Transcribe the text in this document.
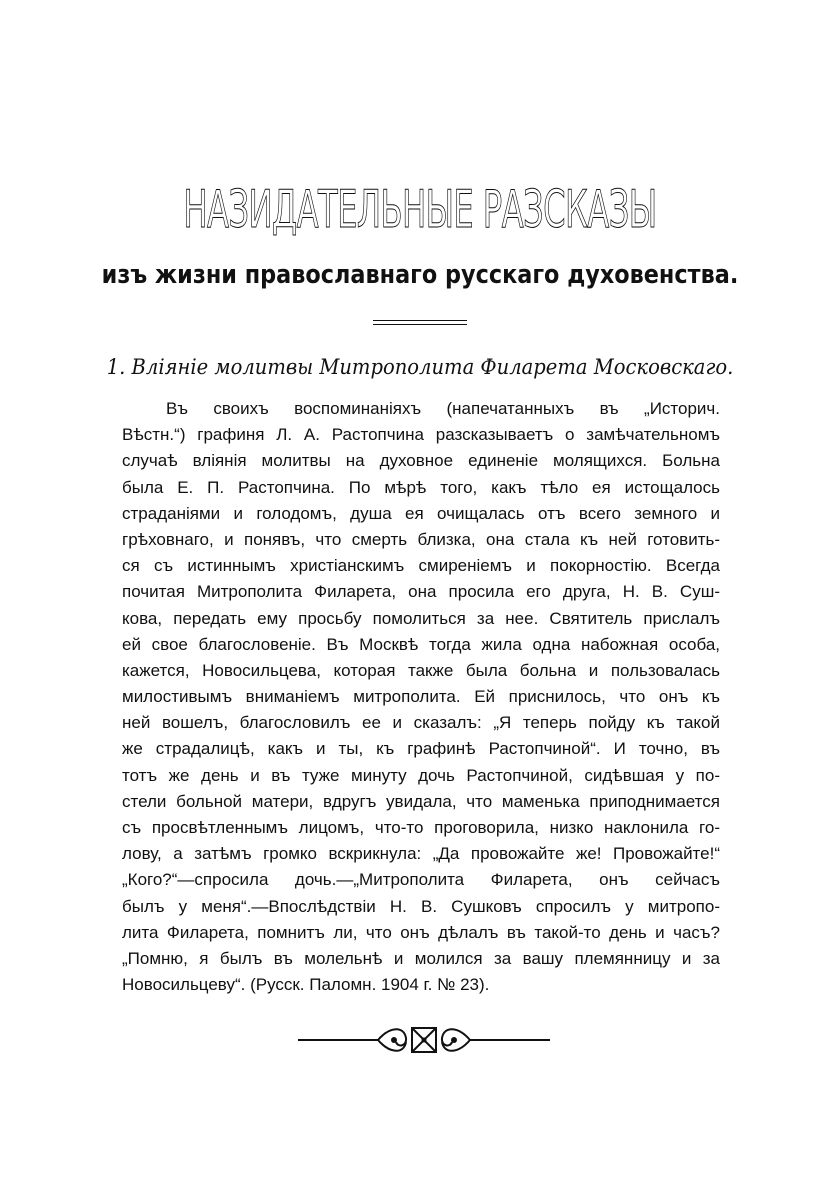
НАЗИДАТЕЛЬНЫЕ РАЗСКАЗЫ
изъ жизни православнаго русскаго духовенства.
1. Вліяніе молитвы Митрополита Филарета Московскаго.
Въ своихъ воспоминаніяхъ (напечатанныхъ въ „Историч.
Вѣстн.“) графиня Л. А. Растопчина разсказываетъ о замѣчательномъ
случаѣ вліянія молитвы на духовное единеніе молящихся. Больна
была Е. П. Растопчина. По мѣрѣ того, какъ тѣло ея истощалось
страданіями и голодомъ, душа ея очищалась отъ всего земного и
грѣховнаго, и понявъ, что смерть близка, она стала къ ней готовить-
ся съ истиннымъ христіанскимъ смиреніемъ и покорностію. Всегда
почитая Митрополита Филарета, она просила его друга, Н. В. Суш-
кова, передать ему просьбу помолиться за нее. Святитель прислалъ
ей свое благословеніе. Въ Москвѣ тогда жила одна набожная особа,
кажется, Новосильцева, которая также была больна и пользовалась
милостивымъ вниманіемъ митрополита. Ей приснилось, что онъ къ
ней вошелъ, благословилъ ее и сказалъ: „Я теперь пойду къ такой
же страдалицѣ, какъ и ты, къ графинѣ Растопчиной“. И точно, въ
тотъ же день и въ туже минуту дочь Растопчиной, сидѣвшая у по-
стели больной матери, вдругъ увидала, что маменька приподнимается
съ просвѣтленнымъ лицомъ, что-то проговорила, низко наклонила го-
лову, а затѣмъ громко вскрикнула: „Да провожайте же! Провожайте!“
„Кого?“—спросила дочь.—„Митрополита Филарета, онъ сейчасъ
былъ у меня“.—Впослѣдствіи Н. В. Сушковъ спросилъ у митропо-
лита Филарета, помнитъ ли, что онъ дѣлалъ въ такой-то день и часъ?
„Помню, я былъ въ молельнѣ и молился за вашу племянницу и за
Новосильцеву“. (Русск. Паломн. 1904 г. № 23).
